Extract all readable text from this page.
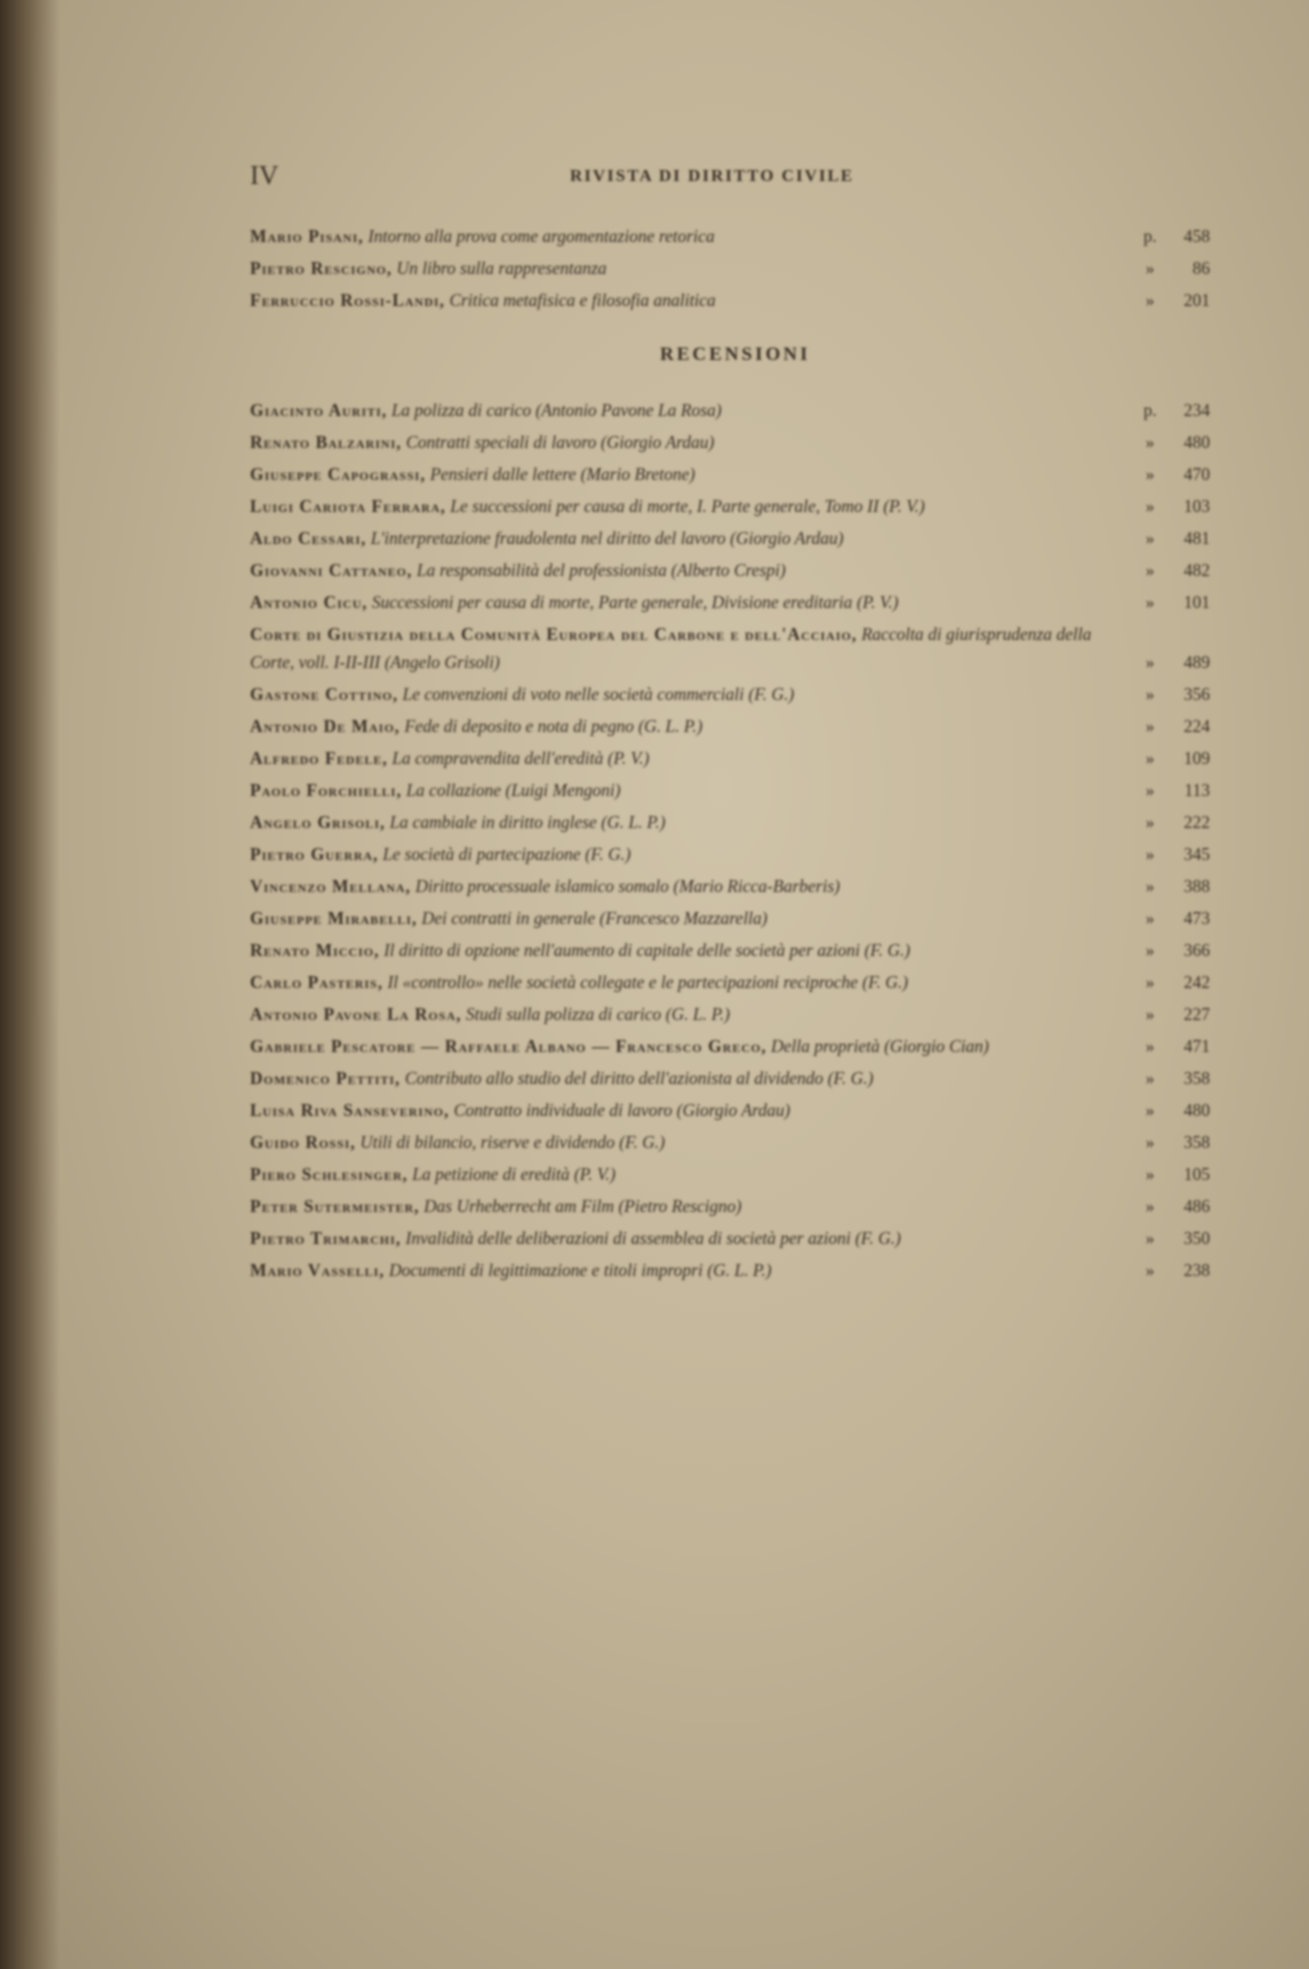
IV	RIVISTA DI DIRITTO CIVILE
Mario Pisani, Intorno alla prova come argomentazione retorica	p.	458
Pietro Rescigno, Un libro sulla rappresentanza	»	86
Ferruccio Rossi-Landi, Critica metafisica e filosofia analitica	»	201
RECENSIONI
Giacinto Auriti, La polizza di carico (Antonio Pavone La Rosa)	p.	234
Renato Balzarini, Contratti speciali di lavoro (Giorgio Ardau)	»	480
Giuseppe Capograssi, Pensieri dalle lettere (Mario Bretone)	»	470
Luigi Cariota Ferrara, Le successioni per causa di morte, I. Parte generale, Tomo II (P. V.)	»	103
Aldo Cessari, L'interpretazione fraudolenta nel diritto del lavoro (Giorgio Ardau)	»	481
Giovanni Cattaneo, La responsabilità del professionista (Alberto Crespi)	»	482
Antonio Cicu, Successioni per causa di morte, Parte generale, Divisione ereditaria (P. V.)	»	101
Corte di Giustizia della Comunità Europea del Carbone e dell'Acciaio, Raccolta di giurisprudenza della Corte, voll. I-II-III (Angelo Grisoli)	»	489
Gastone Cottino, Le convenzioni di voto nelle società commerciali (F. G.)	»	356
Antonio De Maio, Fede di deposito e nota di pegno (G. L. P.)	»	224
Alfredo Fedele, La compravendita dell'eredità (P. V.)	»	109
Paolo Forchielli, La collazione (Luigi Mengoni)	»	113
Angelo Grisoli, La cambiale in diritto inglese (G. L. P.)	»	222
Pietro Guerra, Le società di partecipazione (F. G.)	»	345
Vincenzo Mellana, Diritto processuale islamico somalo (Mario Ricca-Barberis)	»	388
Giuseppe Mirabelli, Dei contratti in generale (Francesco Mazzarella)	»	473
Renato Miccio, Il diritto di opzione nell'aumento di capitale delle società per azioni (F. G.)	»	366
Carlo Pasteris, Il «controllo» nelle società collegate e le partecipazioni reciproche (F. G.)	»	242
Antonio Pavone La Rosa, Studi sulla polizza di carico (G. L. P.)	»	227
Gabriele Pescatore — Raffaele Albano — Francesco Greco, Della proprietà (Giorgio Cian)	»	471
Domenico Pettiti, Contributo allo studio del diritto dell'azionista al dividendo (F. G.)	»	358
Luisa Riva Sanseverino, Contratto individuale di lavoro (Giorgio Ardau)	»	480
Guido Rossi, Utili di bilancio, riserve e dividendo (F. G.)	»	358
Piero Schlesinger, La petizione di eredità (P. V.)	»	105
Peter Sutermeister, Das Urheberrecht am Film (Pietro Rescigno)	»	486
Pietro Trimarchi, Invalidità delle deliberazioni di assemblea di società per azioni (F. G.)	»	350
Mario Vasselli, Documenti di legittimazione e titoli impropri (G. L. P.)	»	238
